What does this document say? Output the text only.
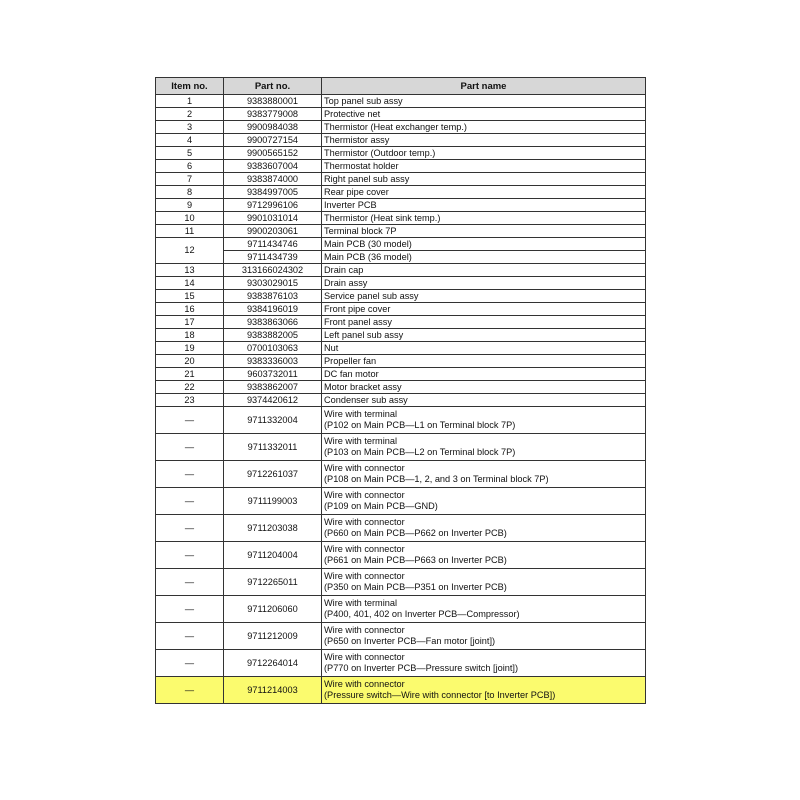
Item no.	Part no.	Part name
1	9383880001	Top panel sub assy

2	9383779008	Protective net

3	9900984038	Thermistor (Heat exchanger temp.)

4	9900727154	Thermistor assy

5	9900565152	Thermistor (Outdoor temp.)

6	9383607004	Thermostat holder

7	9383874000	Right panel sub assy

8	9384997005	Rear pipe cover

9	9712996106	Inverter PCB

10	9901031014	Thermistor (Heat sink temp.)

11	9900203061	Terminal block 7P

12	9711434746	Main PCB (30 model)

	9711434739	Main PCB (36 model)

13	313166024302	Drain cap

14	9303029015	Drain assy

15	9383876103	Service panel sub assy

16	9384196019	Front pipe cover

17	9383863066	Front panel assy

18	9383882005	Left panel sub assy

19	0700103063	Nut

20	9383336003	Propeller fan

21	9603732011	DC fan motor

22	9383862007	Motor bracket assy

23	9374420612	Condenser sub assy

—	9711332004	Wire with terminal
(P102 on Main PCB—L1 on Terminal block 7P)

—	9711332011	Wire with terminal
(P103 on Main PCB—L2 on Terminal block 7P)

—	9712261037	Wire with connector
(P108 on Main PCB—1, 2, and 3 on Terminal block 7P)

—	9711199003	Wire with connector
(P109 on Main PCB—GND)

—	9711203038	Wire with connector
(P660 on Main PCB—P662 on Inverter PCB)

—	9711204004	Wire with connector
(P661 on Main PCB—P663 on Inverter PCB)

—	9712265011	Wire with connector
(P350 on Main PCB—P351 on Inverter PCB)

—	9711206060	Wire with terminal
(P400, 401, 402 on Inverter PCB—Compressor)

—	9711212009	Wire with connector
(P650 on Inverter PCB—Fan motor [joint])

—	9712264014	Wire with connector
(P770 on Inverter PCB—Pressure switch [joint])

—	9711214003	Wire with connector
(Pressure switch—Wire with connector [to Inverter PCB])
